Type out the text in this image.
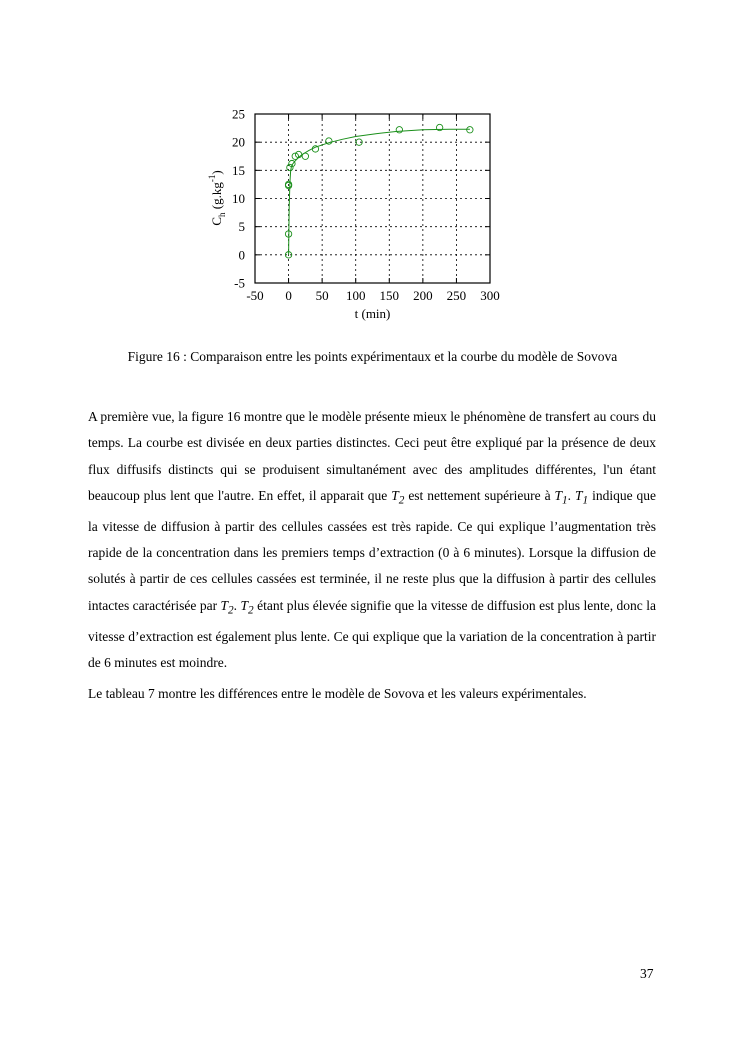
-50 0 50 100 150 200 250 300
-5
0
5
10
15
20
25
t (min)
$C_h$ $(g.kg^{-1})$
Figure 16 : Comparaison entre les points expérimentaux et la courbe du modèle de Sovova

A première vue, la figure 16 montre que le modèle présente mieux le phénomène de transfert au cours du temps. La courbe est divisée en deux parties distinctes. Ceci peut être expliqué par la présence de deux flux diffusifs distincts qui se produisent simultanément avec des amplitudes différentes, l'un étant beaucoup plus lent que l'autre. En effet, il apparait que $T_2$ est nettement supérieure à $T_1$. $T_1$ indique que la vitesse de diffusion à partir des cellules cassées est très rapide. Ce qui explique l’augmentation très rapide de la concentration dans les premiers temps d’extraction (0 à 6 minutes). Lorsque la diffusion de solutés à partir de ces cellules cassées est terminée, il ne reste plus que la diffusion à partir des cellules intactes caractérisée par $T_2$. $T_2$ étant plus élevée signifie que la vitesse de diffusion est plus lente, donc la vitesse d’extraction est également plus lente. Ce qui explique que la variation de la concentration à partir de 6 minutes est moindre.

Le tableau 7 montre les différences entre le modèle de Sovova et les valeurs expérimentales.

37
